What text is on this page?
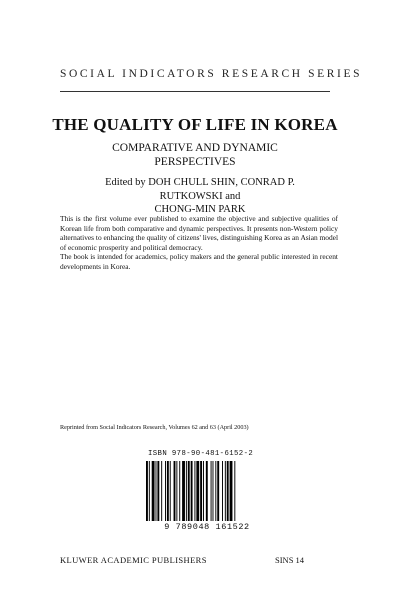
SOCIAL INDICATORS RESEARCH SERIES
THE QUALITY OF LIFE IN KOREA
COMPARATIVE AND DYNAMIC
PERSPECTIVES
Edited by DOH CHULL SHIN, CONRAD P. RUTKOWSKI and
CHONG-MIN PARK

This is the first volume ever published to examine the objective and subjective qualities of Korean life from both comparative and dynamic perspectives. It presents non-Western policy alternatives to enhancing the quality of citizens' lives, distinguishing Korea as an Asian model of economic prosperity and political democracy.

The book is intended for academics, policy makers and the general public interested in recent developments in Korea.

Reprinted from Social Indicators Research, Volumes 62 and 63 (April 2003)
ISBN 978-90-481-6152-2
9 789048 161522
KLUWER ACADEMIC PUBLISHERS	SINS 14
